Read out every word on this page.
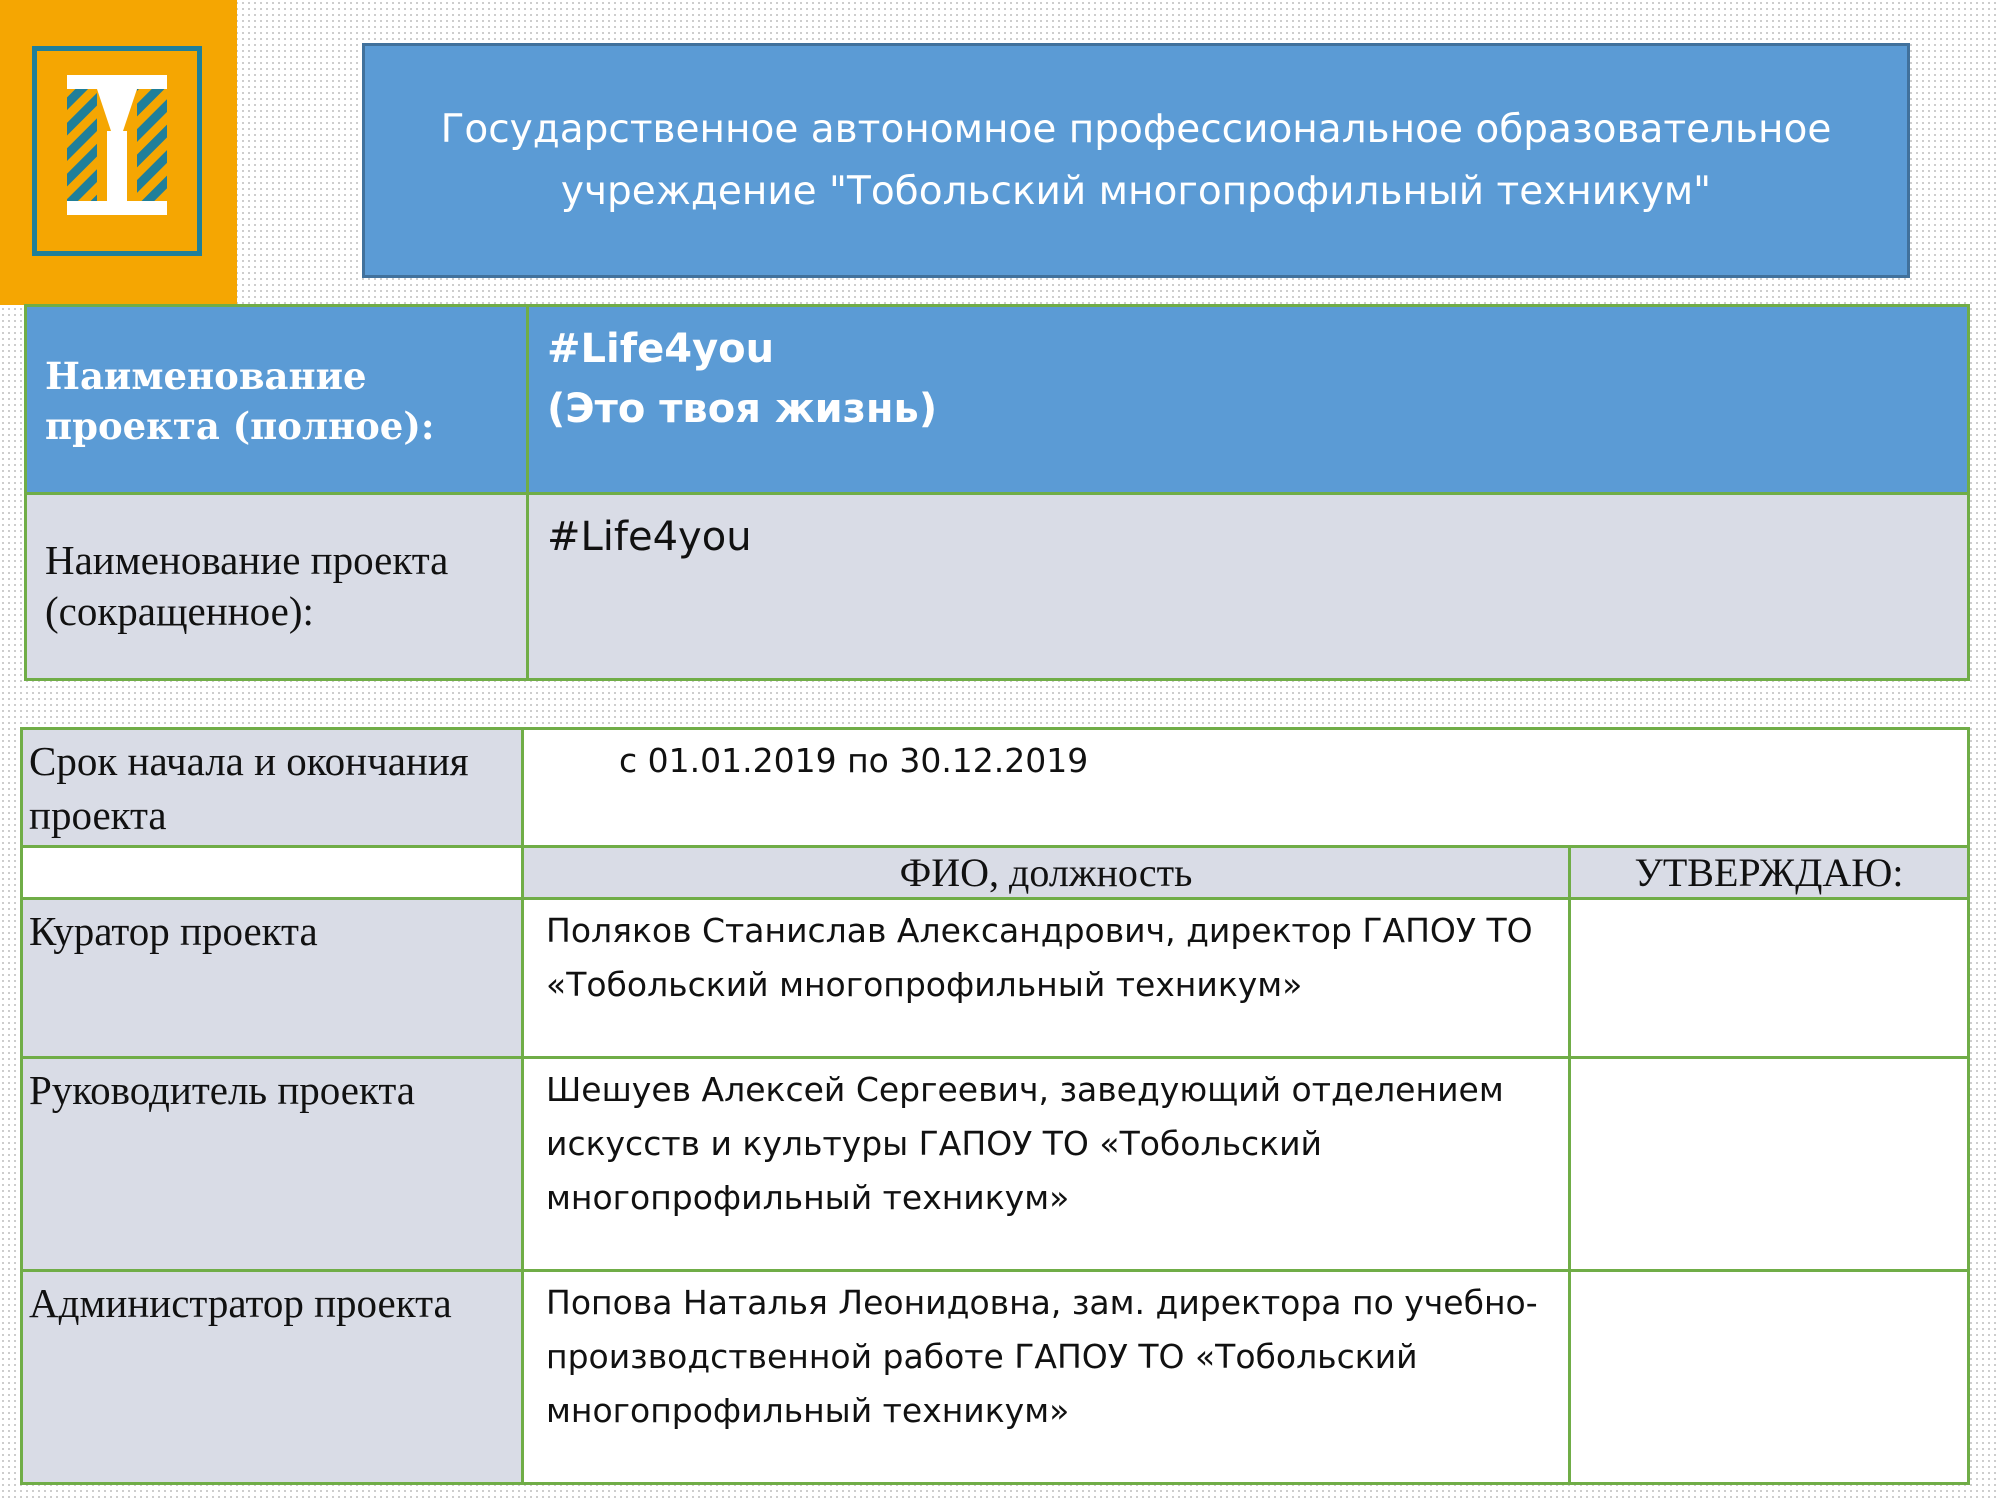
Государственное автономное профессиональное образовательное учреждение "Тобольский многопрофильный техникум"
Наименование проекта (полное):	#Life4you
(Это твоя жизнь)

Наименование проекта (сокращенное):	#Life4you
Срок начала и окончания проекта	с 01.01.2019 по 30.12.2019	
	ФИО, должность	УТВЕРЖДАЮ:
Куратор проекта	Поляков Станислав Александрович, директор ГАПОУ ТО «Тобольский многопрофильный техникум»	
Руководитель проекта	Шешуев Алексей Сергеевич, заведующий отделением искусств и культуры ГАПОУ ТО «Тобольский многопрофильный техникум»	
Администратор проекта	Попова Наталья Леонидовна, зам. директора по учебно-производственной работе ГАПОУ ТО «Тобольский многопрофильный техникум»	
